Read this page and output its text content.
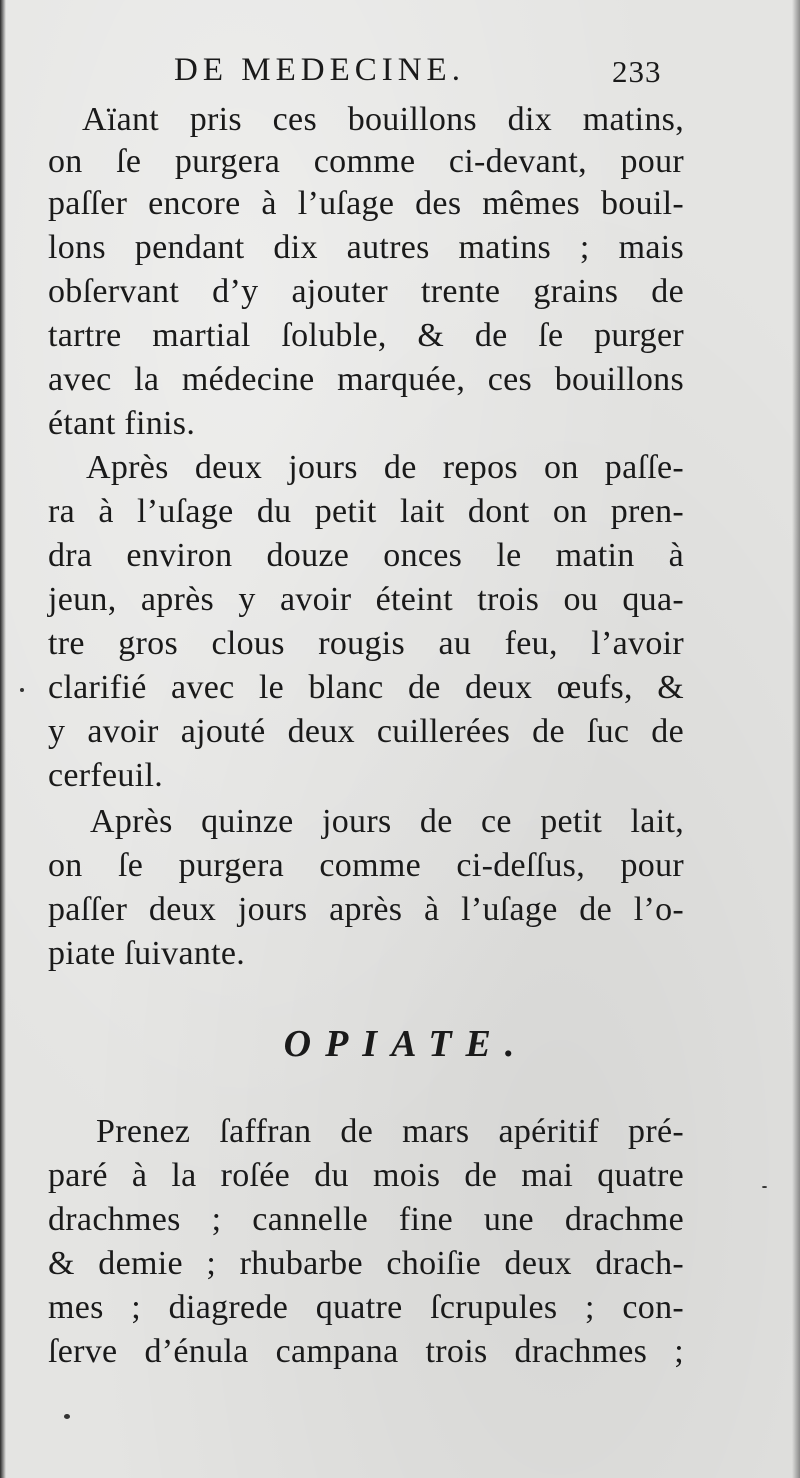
DE MEDECINE.	233
Aïant pris ces bouillons dix matins,
on ſe purgera comme ci-devant, pour
paſſer encore à l’uſage des mêmes bouil-
lons pendant dix autres matins ; mais
obſervant d’y ajouter trente grains de
tartre martial ſoluble, & de ſe purger
avec la médecine marquée, ces bouillons
étant finis.
Après deux jours de repos on paſſe-
ra à l’uſage du petit lait dont on pren-
dra environ douze onces le matin à
jeun, après y avoir éteint trois ou qua-
tre gros clous rougis au feu, l’avoir
clarifié avec le blanc de deux œufs, &
y avoir ajouté deux cuillerées de ſuc de
cerfeuil.
Après quinze jours de ce petit lait,
on ſe purgera comme ci-deſſus, pour
paſſer deux jours après à l’uſage de l’o-
piate ſuivante.
OPIATE.
Prenez ſaffran de mars apéritif pré-
paré à la roſée du mois de mai quatre
drachmes ; cannelle fine une drachme
& demie ; rhubarbe choiſie deux drach-
mes ; diagrede quatre ſcrupules ; con-
ſerve d’énula campana trois drachmes ;
